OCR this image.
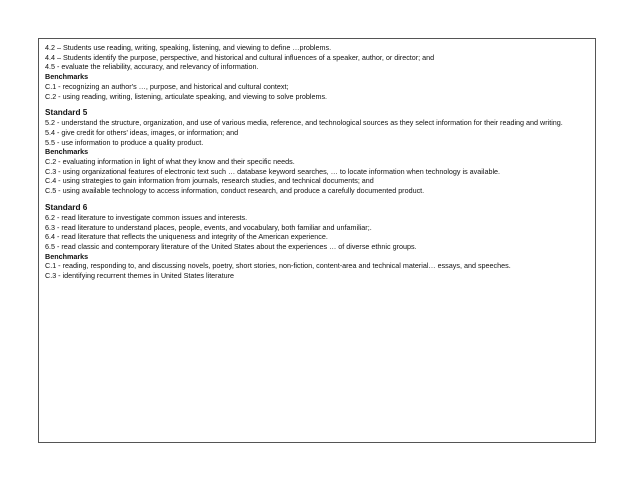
4.2 – Students use reading, writing, speaking, listening, and viewing to define …problems.
4.4 – Students identify the purpose, perspective, and historical and cultural influences of a speaker, author, or director; and
4.5 - evaluate the reliability, accuracy, and relevancy of information.
Benchmarks
C.1 - recognizing an author's …, purpose, and historical and cultural context;
C.2 - using reading, writing, listening, articulate speaking, and viewing to solve problems.
Standard 5
5.2 - understand the structure, organization, and use of various media, reference, and technological sources as they select information for their reading and writing.
5.4 - give credit for others' ideas, images, or information; and
5.5 - use information to produce a quality product.
Benchmarks
C.2 - evaluating information in light of what they know and their specific needs.
C.3 - using organizational features of electronic text such … database keyword searches, … to locate information when technology is available.
C.4 - using strategies to gain information from journals, research studies, and technical documents; and
C.5 - using available technology to access information, conduct research, and produce a carefully documented product.
Standard 6
6.2 - read literature to investigate common issues and interests.
6.3 - read literature to understand places, people, events, and vocabulary, both familiar and unfamiliar;.
6.4 - read literature that reflects the uniqueness and integrity of the American experience.
6.5 - read classic and contemporary literature of the United States about the experiences … of diverse ethnic groups.
Benchmarks
C.1 - reading, responding to, and discussing novels, poetry, short stories, non-fiction, content-area and technical material… essays, and speeches.
C.3 - identifying recurrent themes in United States literature
